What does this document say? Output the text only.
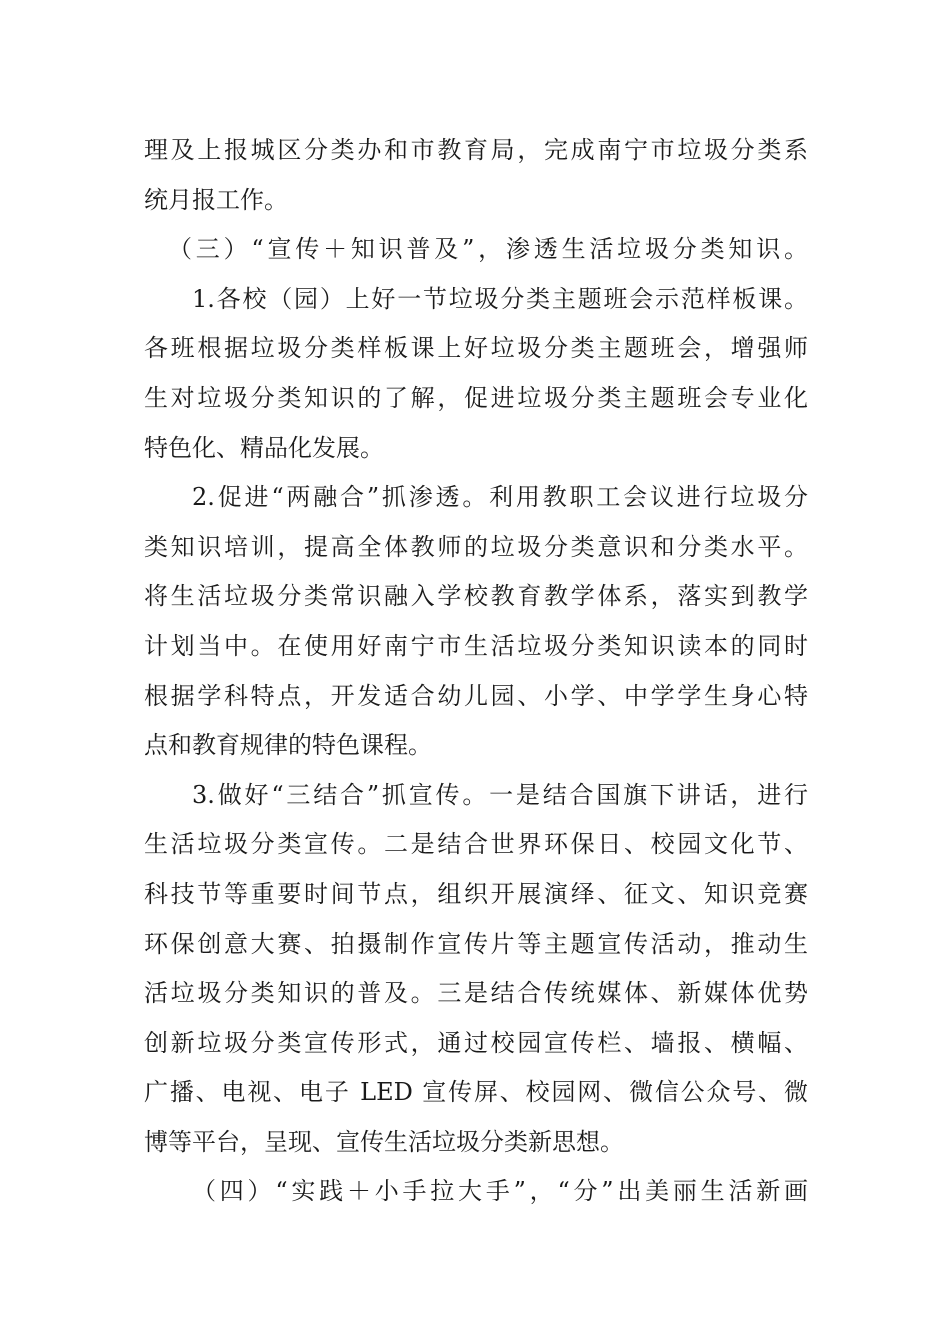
理及上报城区分类办和市教育局，完成南宁市垃圾分类系
统月报工作。
（三）“宣传＋知识普及”，渗透生活垃圾分类知识。
1.各校（园）上好一节垃圾分类主题班会示范样板课。
各班根据垃圾分类样板课上好垃圾分类主题班会，增强师
生对垃圾分类知识的了解，促进垃圾分类主题班会专业化
特色化、精品化发展。
2.促进“两融合”抓渗透。利用教职工会议进行垃圾分
类知识培训，提高全体教师的垃圾分类意识和分类水平。
将生活垃圾分类常识融入学校教育教学体系，落实到教学
计划当中。在使用好南宁市生活垃圾分类知识读本的同时
根据学科特点，开发适合幼儿园、小学、中学学生身心特
点和教育规律的特色课程。
3.做好“三结合”抓宣传。一是结合国旗下讲话，进行
生活垃圾分类宣传。二是结合世界环保日、校园文化节、
科技节等重要时间节点，组织开展演绎、征文、知识竞赛
环保创意大赛、拍摄制作宣传片等主题宣传活动，推动生
活垃圾分类知识的普及。三是结合传统媒体、新媒体优势
创新垃圾分类宣传形式，通过校园宣传栏、墙报、横幅、
广播、电视、电子 LED 宣传屏、校园网、微信公众号、微
博等平台，呈现、宣传生活垃圾分类新思想。
（四）“实践＋小手拉大手”，“分”出美丽生活新画
